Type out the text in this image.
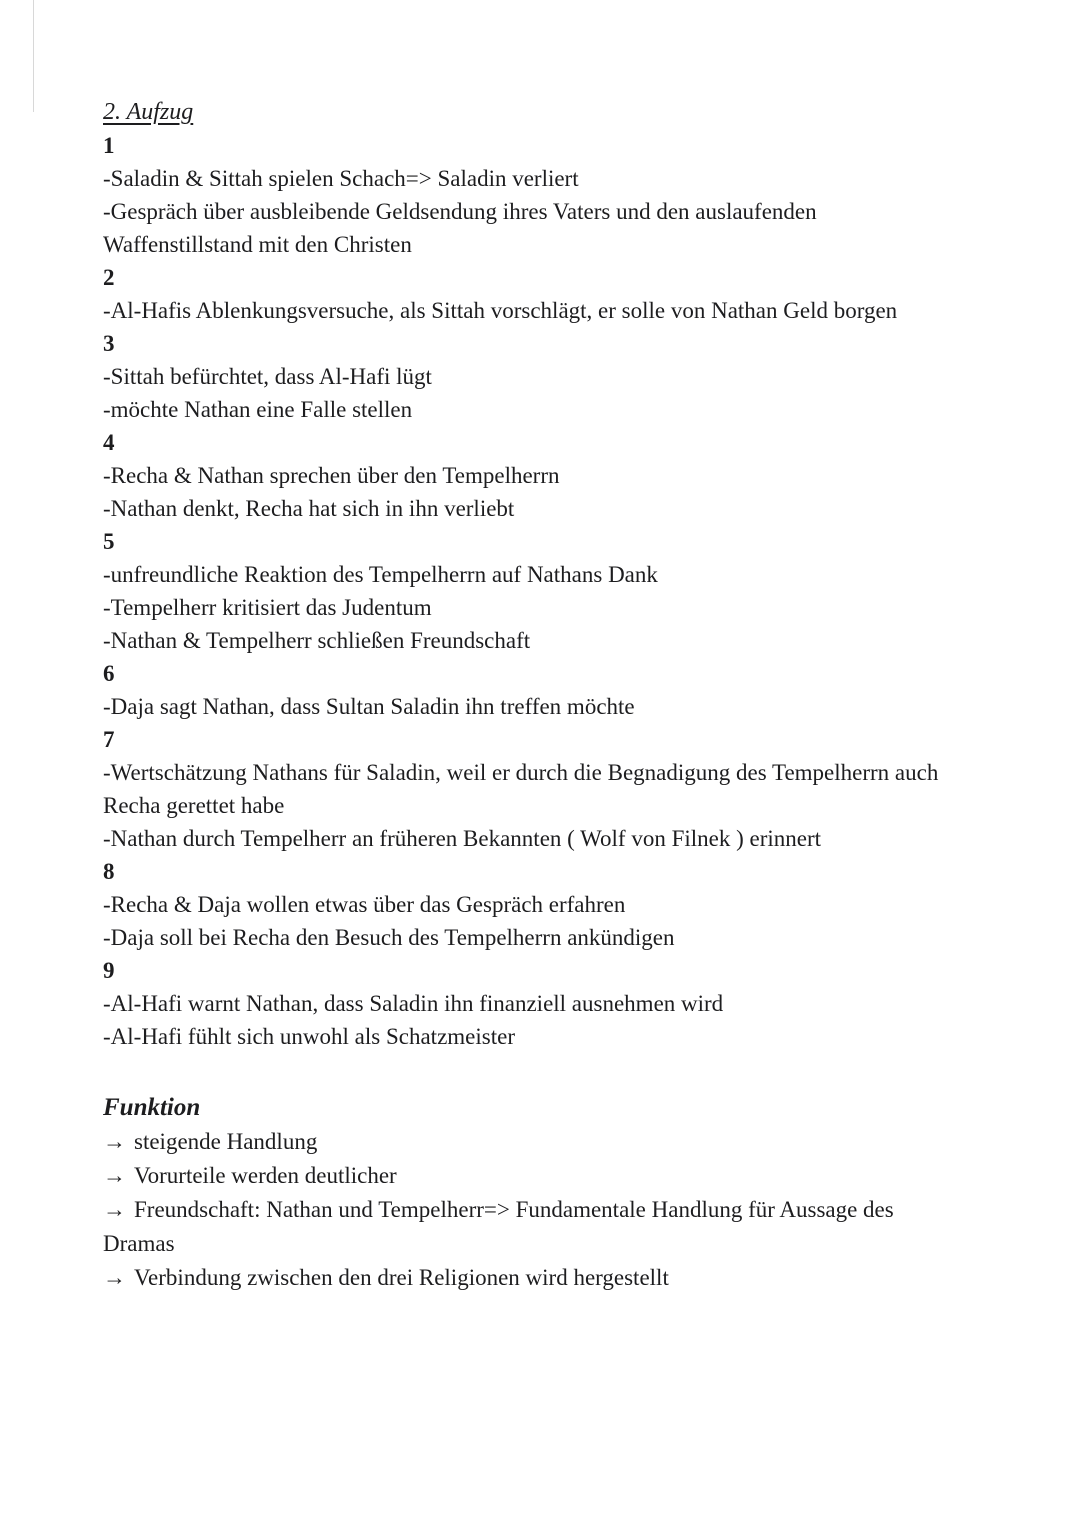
2. Aufzug
1
-Saladin & Sittah spielen Schach=> Saladin verliert
-Gespräch über ausbleibende Geldsendung ihres Vaters und den auslaufenden Waffenstillstand mit den Christen
2
-Al-Hafis Ablenkungsversuche, als Sittah vorschlägt, er solle von Nathan Geld borgen
3
-Sittah befürchtet, dass Al-Hafi lügt
-möchte Nathan eine Falle stellen
4
-Recha & Nathan sprechen über den Tempelherrn
-Nathan denkt, Recha hat sich in ihn verliebt
5
-unfreundliche Reaktion des Tempelherrn auf Nathans Dank
-Tempelherr kritisiert das Judentum
-Nathan & Tempelherr schließen Freundschaft
6
-Daja sagt Nathan, dass Sultan Saladin ihn treffen möchte
7
-Wertschätzung Nathans für Saladin, weil er durch die Begnadigung des Tempelherrn auch Recha gerettet habe
-Nathan durch Tempelherr an früheren Bekannten ( Wolf von Filnek ) erinnert
8
-Recha & Daja wollen etwas über das Gespräch erfahren
-Daja soll bei Recha den Besuch des Tempelherrn ankündigen
9
-Al-Hafi warnt Nathan, dass Saladin ihn finanziell ausnehmen wird
-Al-Hafi fühlt sich unwohl als Schatzmeister
Funktion
→ steigende Handlung
→ Vorurteile werden deutlicher
→ Freundschaft: Nathan und Tempelherr=> Fundamentale Handlung für Aussage des Dramas
→ Verbindung zwischen den drei Religionen wird hergestellt
